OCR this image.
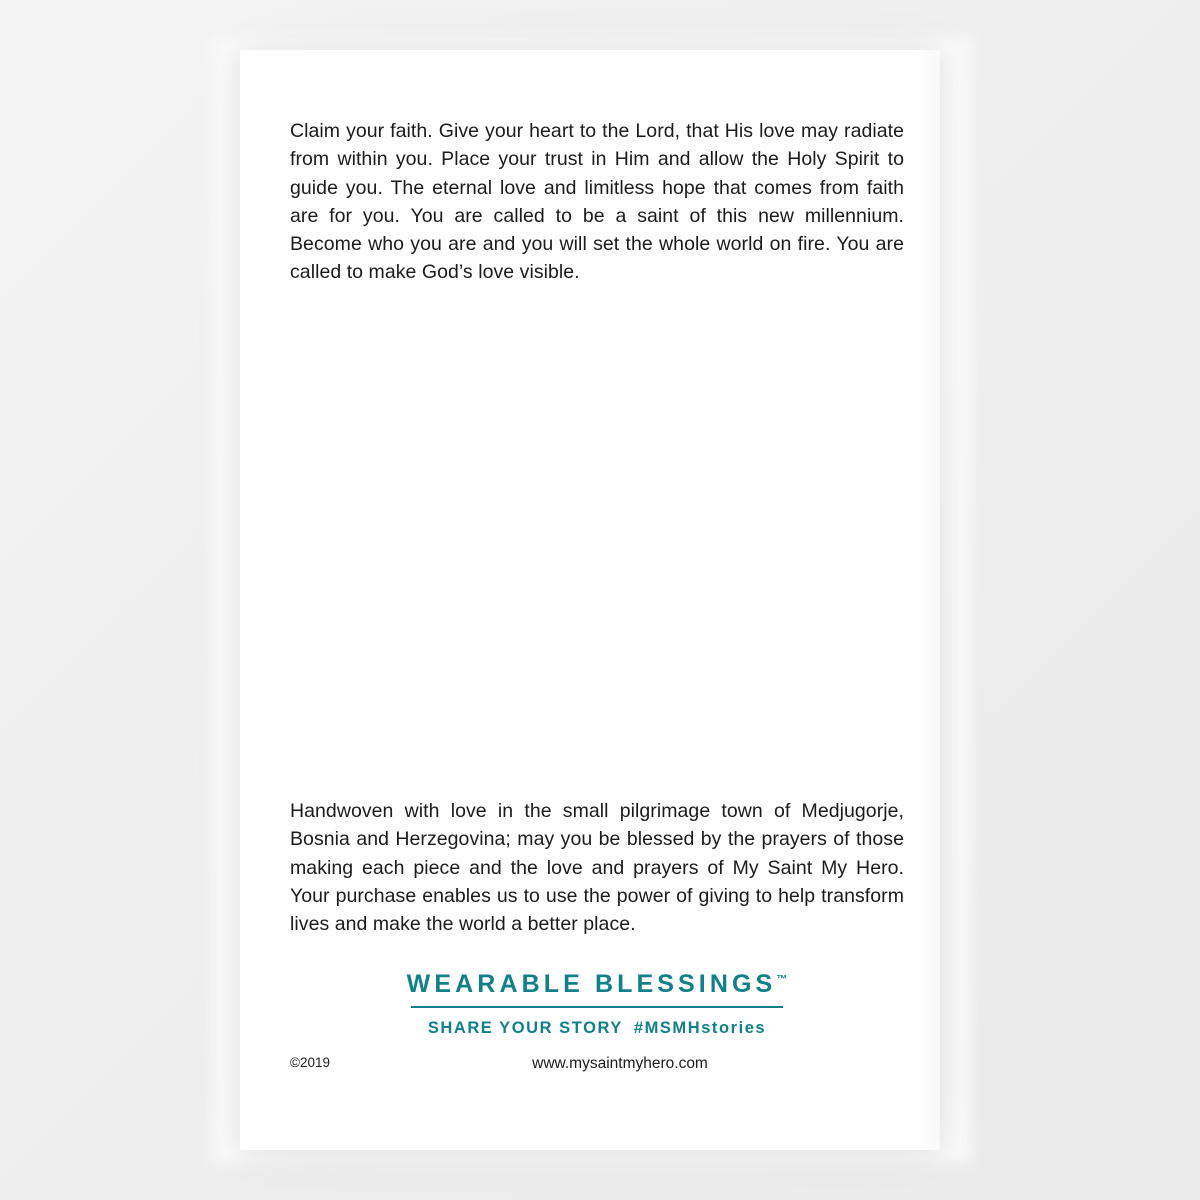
Claim your faith. Give your heart to the Lord, that His love may radiate from within you. Place your trust in Him and allow the Holy Spirit to guide you. The eternal love and limitless hope that comes from faith are for you. You are called to be a saint of this new millennium. Become who you are and you will set the whole world on fire. You are called to make God’s love visible.
Handwoven with love in the small pilgrimage town of Medjugorje, Bosnia and Herzegovina; may you be blessed by the prayers of those making each piece and the love and prayers of My Saint My Hero. Your purchase enables us to use the power of giving to help transform lives and make the world a better place.
WEARABLE BLESSINGS™
SHARE YOUR STORY #MSMHstories
©2019	www.mysaintmyhero.com
